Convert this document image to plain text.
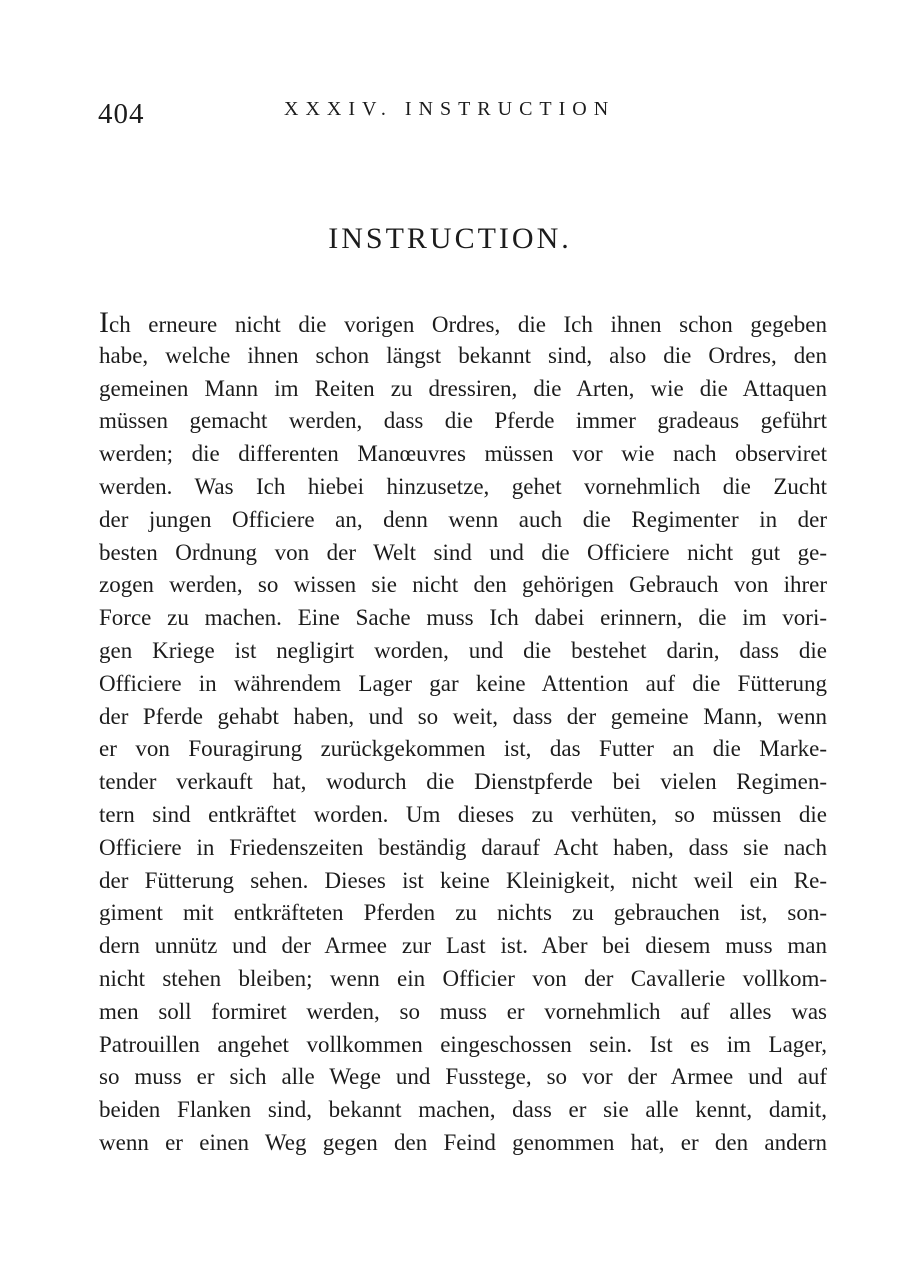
404	XXXIV. INSTRUCTION
INSTRUCTION.
Ich erneure nicht die vorigen Ordres, die Ich ihnen schon gegeben
habe, welche ihnen schon längst bekannt sind, also die Ordres, den
gemeinen Mann im Reiten zu dressiren, die Arten, wie die Attaquen
müssen gemacht werden, dass die Pferde immer gradeaus geführt
werden; die differenten Manœuvres müssen vor wie nach observiret
werden. Was Ich hiebei hinzusetze, gehet vornehmlich die Zucht
der jungen Officiere an, denn wenn auch die Regimenter in der
besten Ordnung von der Welt sind und die Officiere nicht gut ge-
zogen werden, so wissen sie nicht den gehörigen Gebrauch von ihrer
Force zu machen. Eine Sache muss Ich dabei erinnern, die im vori-
gen Kriege ist negligirt worden, und die bestehet darin, dass die
Officiere in währendem Lager gar keine Attention auf die Fütterung
der Pferde gehabt haben, und so weit, dass der gemeine Mann, wenn
er von Fouragirung zurückgekommen ist, das Futter an die Marke-
tender verkauft hat, wodurch die Dienstpferde bei vielen Regimen-
tern sind entkräftet worden. Um dieses zu verhüten, so müssen die
Officiere in Friedenszeiten beständig darauf Acht haben, dass sie nach
der Fütterung sehen. Dieses ist keine Kleinigkeit, nicht weil ein Re-
giment mit entkräfteten Pferden zu nichts zu gebrauchen ist, son-
dern unnütz und der Armee zur Last ist. Aber bei diesem muss man
nicht stehen bleiben; wenn ein Officier von der Cavallerie vollkom-
men soll formiret werden, so muss er vornehmlich auf alles was
Patrouillen angehet vollkommen eingeschossen sein. Ist es im Lager,
so muss er sich alle Wege und Fusstege, so vor der Armee und auf
beiden Flanken sind, bekannt machen, dass er sie alle kennt, damit,
wenn er einen Weg gegen den Feind genommen hat, er den andern
